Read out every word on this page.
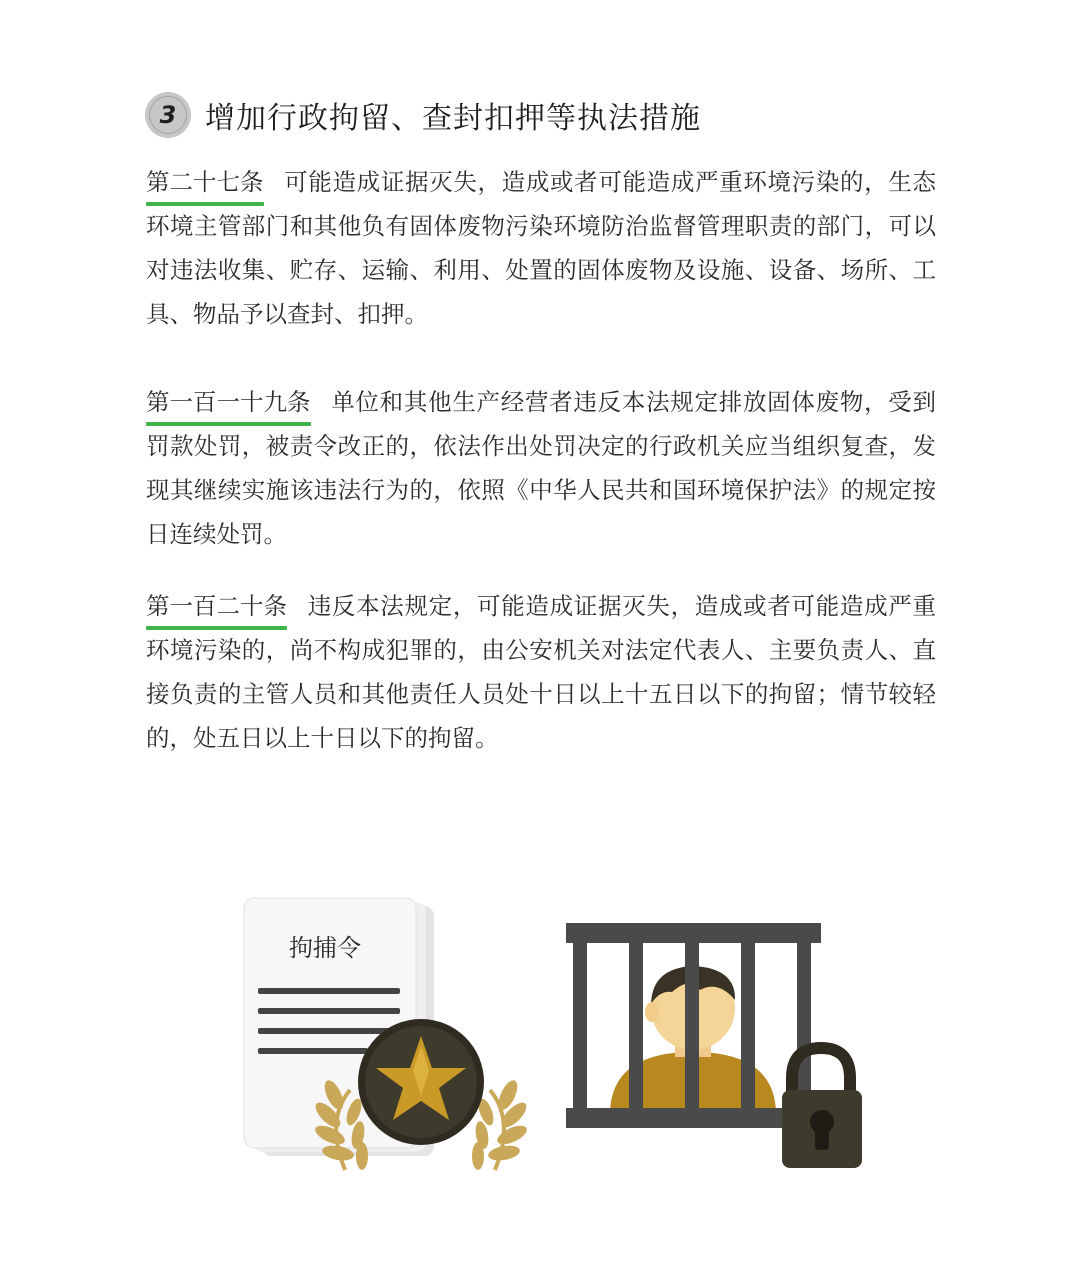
3 增加行政拘留、查封扣押等执法措施
第二十七条 可能造成证据灭失，造成或者可能造成严重环境污染的，生态环境主管部门和其他负有固体废物污染环境防治监督管理职责的部门，可以对违法收集、贮存、运输、利用、处置的固体废物及设施、设备、场所、工具、物品予以查封、扣押。
第一百一十九条 单位和其他生产经营者违反本法规定排放固体废物，受到罚款处罚，被责令改正的，依法作出处罚决定的行政机关应当组织复查，发现其继续实施该违法行为的，依照《中华人民共和国环境保护法》的规定按日连续处罚。
第一百二十条 违反本法规定，可能造成证据灭失，造成或者可能造成严重环境污染的，尚不构成犯罪的，由公安机关对法定代表人、主要负责人、直接负责的主管人员和其他责任人员处十日以上十五日以下的拘留；情节较轻的，处五日以上十日以下的拘留。
拘捕令
